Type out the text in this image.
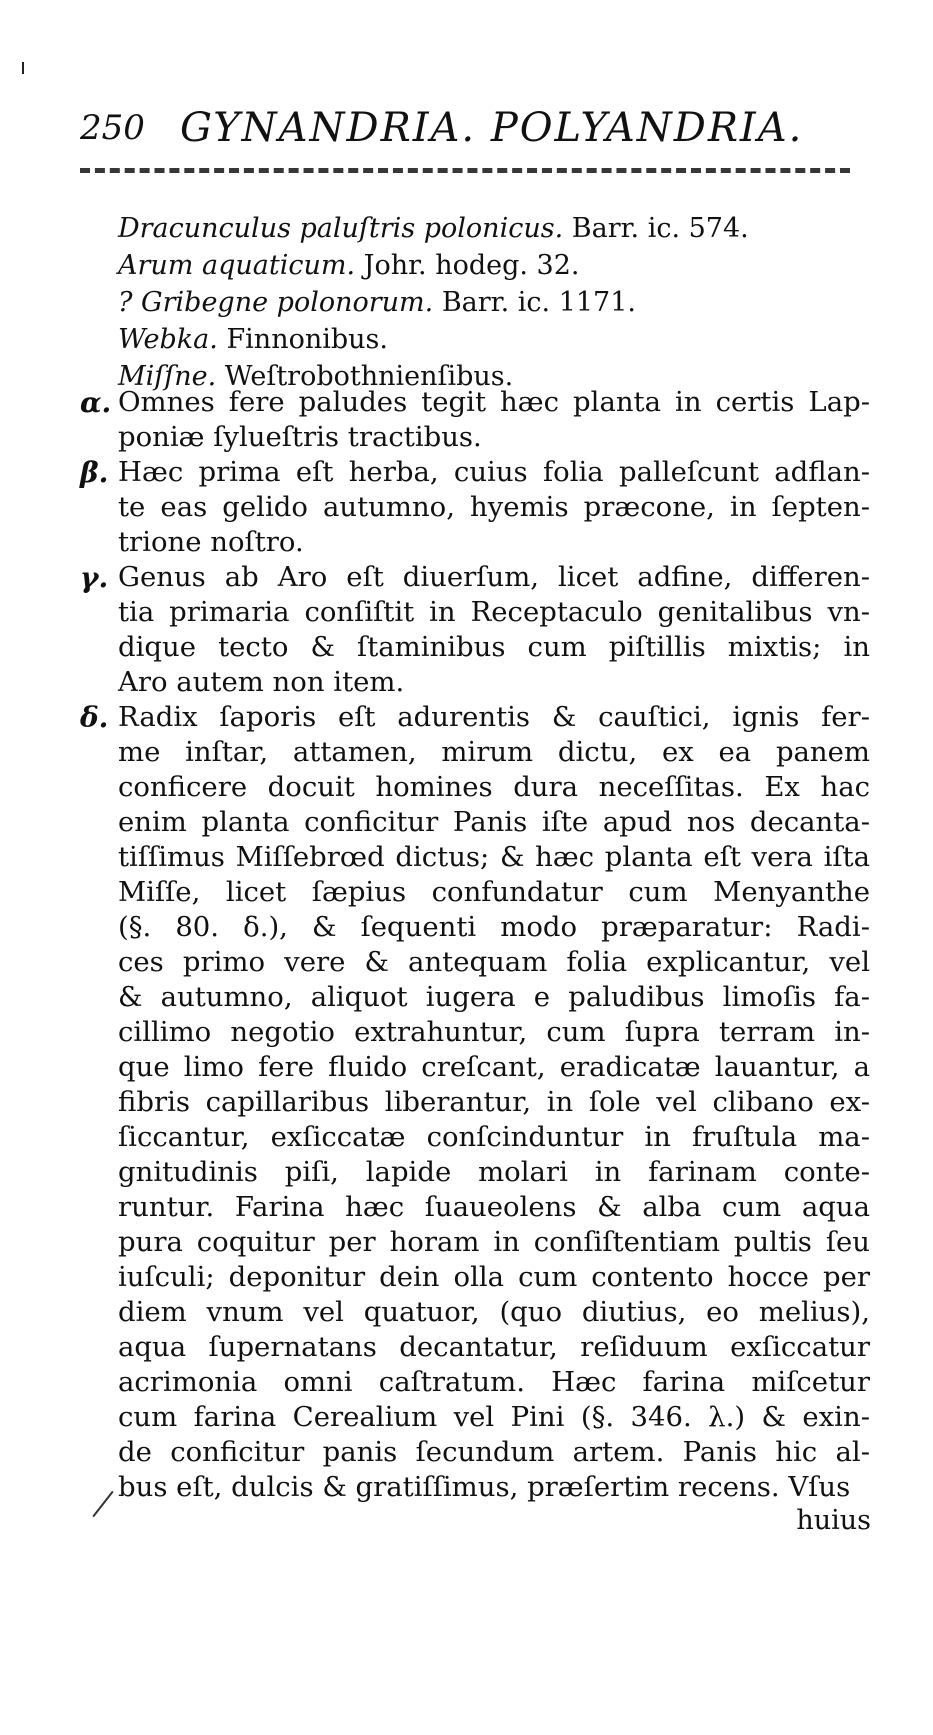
250 GYNANDRIA. POLYANDRIA.
Dracunculus paluſtris polonicus. Barr. ic. 574.
Arum aquaticum. Johr. hodeg. 32.
? Gribegne polonorum. Barr. ic. 1171.
Webka. Finnonibus.
Miſſne. Weſtrobothnienſibus.
α. Omnes fere paludes tegit hæc planta in certis Lap-
poniæ ſylueſtris tractibus.
β. Hæc prima eſt herba, cuius folia palleſcunt adflan-
te eas gelido autumno, hyemis præcone, in ſepten-
trione noſtro.
γ. Genus ab Aro eſt diuerſum, licet adfine, differen-
tia primaria conſiſtit in Receptaculo genitalibus vn-
dique tecto & ſtaminibus cum piſtillis mixtis; in
Aro autem non item.
δ. Radix ſaporis eſt adurentis & cauſtici, ignis fer-
me inſtar, attamen, mirum dictu, ex ea panem
conficere docuit homines dura neceſſitas. Ex hac
enim planta conficitur Panis iſte apud nos decanta-
tiſſimus Miſſebrœd dictus; & hæc planta eſt vera iſta
Miſſe, licet ſæpius confundatur cum Menyanthe
(§. 80. δ.), & ſequenti modo præparatur: Radi-
ces primo vere & antequam folia explicantur, vel
& autumno, aliquot iugera e paludibus limoſis fa-
cillimo negotio extrahuntur, cum ſupra terram in-
que limo fere fluido creſcant, eradicatæ lauantur, a
fibris capillaribus liberantur, in ſole vel clibano ex-
ſiccantur, exſiccatæ conſcinduntur in fruſtula ma-
gnitudinis piſi, lapide molari in farinam conte-
runtur. Farina hæc ſuaueolens & alba cum aqua
pura coquitur per horam in conſiſtentiam pultis ſeu
iuſculi; deponitur dein olla cum contento hocce per
diem vnum vel quatuor, (quo diutius, eo melius),
aqua ſupernatans decantatur, reſiduum exſiccatur
acrimonia omni caſtratum. Hæc farina miſcetur
cum farina Cerealium vel Pini (§. 346. λ.) & exin-
de conficitur panis ſecundum artem. Panis hic al-
bus eſt, dulcis & gratiſſimus, præſertim recens. Vſus
huius
